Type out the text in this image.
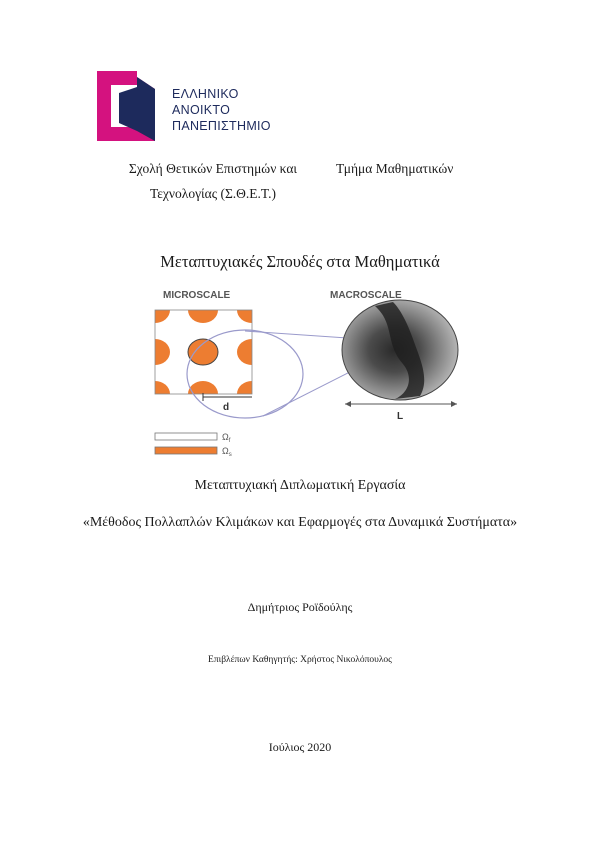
ΕΛΛΗΝΙΚΟ
ΑΝΟΙΚΤΟ
ΠΑΝΕΠΙΣΤΗΜΙΟ
Σχολή Θετικών Επιστημών και
Τεχνολογίας (Σ.Θ.Ε.Τ.)
Τμήμα Μαθηματικών
Μεταπτυχιακές Σπουδές στα Μαθηματικά
MICROSCALE	MACROSCALE
d
L
$\Omega_f$
$\Omega_s$
Μεταπτυχιακή Διπλωματική Εργασία
«Μέθοδος Πολλαπλών Κλιμάκων και Εφαρμογές στα Δυναμικά Συστήματα»
Δημήτριος Ροϊδούλης
Επιβλέπων Καθηγητής: Χρήστος Νικολόπουλος
Ιούλιος 2020
